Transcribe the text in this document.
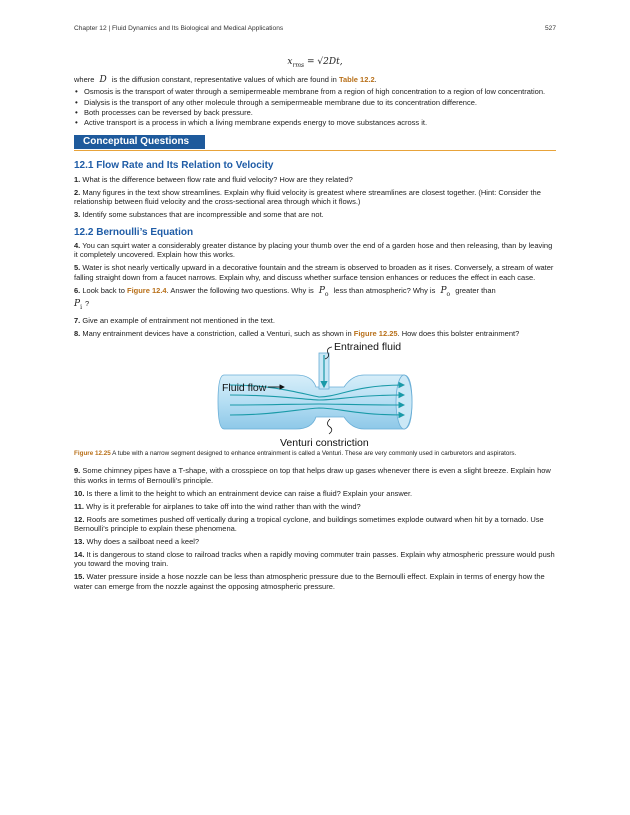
Chapter 12 | Fluid Dynamics and Its Biological and Medical Applications	527
$x_{rms} = √2Dt$,

where D is the diffusion constant, representative values of which are found in Table 12.2.

• Osmosis is the transport of water through a semipermeable membrane from a region of high concentration to a region of low concentration.
• Dialysis is the transport of any other molecule through a semipermeable membrane due to its concentration difference.
• Both processes can be reversed by back pressure.
• Active transport is a process in which a living membrane expends energy to move substances across it.
Conceptual Questions
12.1 Flow Rate and Its Relation to Velocity

1. What is the difference between flow rate and fluid velocity? How are they related?

2. Many figures in the text show streamlines. Explain why fluid velocity is greatest where streamlines are closest together. (Hint: Consider the relationship between fluid velocity and the cross-sectional area through which it flows.)

3. Identify some substances that are incompressible and some that are not.

12.2 Bernoulli’s Equation

4. You can squirt water a considerably greater distance by placing your thumb over the end of a garden hose and then releasing, than by leaving it completely uncovered. Explain how this works.

5. Water is shot nearly vertically upward in a decorative fountain and the stream is observed to broaden as it rises. Conversely, a stream of water falling straight down from a faucet narrows. Explain why, and discuss whether surface tension enhances or reduces the effect in each case.

6. Look back to Figure 12.4. Answer the following two questions. Why is $P_o$ less than atmospheric? Why is $P_o$ greater than
$P_i$ ?

7. Give an example of entrainment not mentioned in the text.

8. Many entrainment devices have a constriction, called a Venturi, such as shown in Figure 12.25. How does this bolster entrainment?

Entrained fluid
Fluid flow
Venturi constriction

Figure 12.25 A tube with a narrow segment designed to enhance entrainment is called a Venturi. These are very commonly used in carburetors and aspirators.

9. Some chimney pipes have a T-shape, with a crosspiece on top that helps draw up gases whenever there is even a slight breeze. Explain how this works in terms of Bernoulli’s principle.

10. Is there a limit to the height to which an entrainment device can raise a fluid? Explain your answer.

11. Why is it preferable for airplanes to take off into the wind rather than with the wind?

12. Roofs are sometimes pushed off vertically during a tropical cyclone, and buildings sometimes explode outward when hit by a tornado. Use Bernoulli’s principle to explain these phenomena.

13. Why does a sailboat need a keel?

14. It is dangerous to stand close to railroad tracks when a rapidly moving commuter train passes. Explain why atmospheric pressure would push you toward the moving train.

15. Water pressure inside a hose nozzle can be less than atmospheric pressure due to the Bernoulli effect. Explain in terms of energy how the water can emerge from the nozzle against the opposing atmospheric pressure.
